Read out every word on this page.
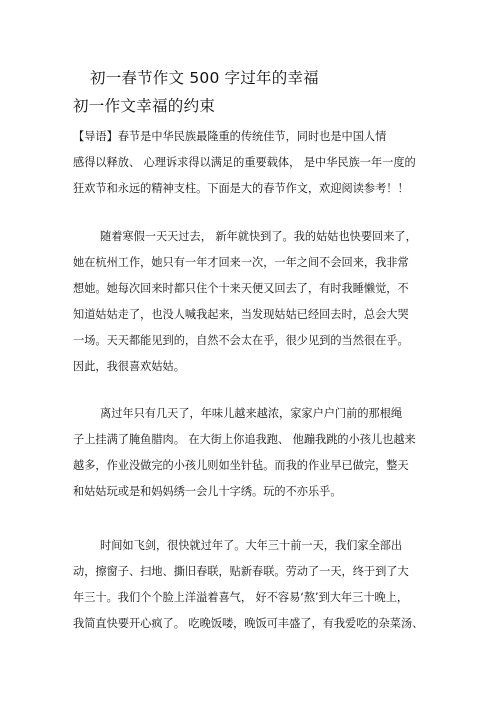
初一春节作文 500 字过年的幸福
初一作文幸福的约束
【导语】春节是中华民族最隆重的传统佳节，同时也是中国人情
感得以释放、 心理诉求得以满足的重要载体， 是中华民族一年一度的
狂欢节和永远的精神支柱。下面是大的春节作文，欢迎阅读参考！！
随着寒假一天天过去， 新年就快到了。我的姑姑也快要回来了，
她在杭州工作，她只有一年才回来一次，一年之间不会回来，我非常
想她。她每次回来时都只住个十来天便又回去了，有时我睡懒觉，不
知道姑姑走了，也没人喊我起来，当发现姑姑已经回去时，总会大哭
一场。天天都能见到的，自然不会太在乎，很少见到的当然很在乎。
因此，我很喜欢姑姑。
离过年只有几天了，年味儿越来越浓，家家户户门前的那根绳
子上挂满了腌鱼腊肉。 在大街上你追我跑、 他蹦我跳的小孩儿也越来
越多，作业没做完的小孩儿则如坐针毡。而我的作业早已做完，整天
和姑姑玩或是和妈妈绣一会儿十字绣。玩的不亦乐乎。
时间如飞剑，很快就过年了。大年三十前一天，我们家全部出
动，擦窗子、扫地、撕旧春联，贴新春联。劳动了一天，终于到了大
年三十。我们个个脸上洋溢着喜气， 好不容易‘熬’到大年三十晚上，
我简直快要开心疯了。 吃晚饭喽，晚饭可丰盛了，有我爱吃的杂菜汤、
